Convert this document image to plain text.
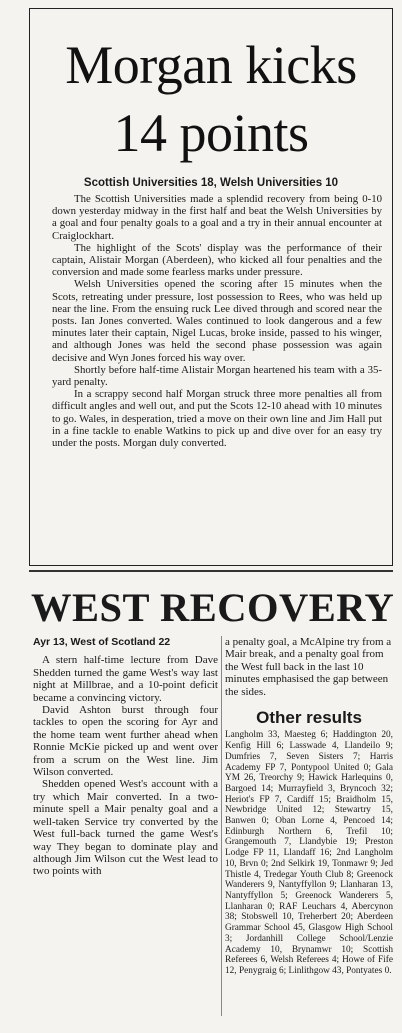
Morgan kicks
14 points
Scottish Universities 18, Welsh Universities 10

The Scottish Universities made a splendid recovery from being 0-10 down yesterday midway in the first half and beat the Welsh Universities by a goal and four penalty goals to a goal and a try in their annual encounter at Craiglockhart.

The highlight of the Scots' display was the performance of their captain, Alistair Morgan (Aberdeen), who kicked all four penalties and the conversion and made some fearless marks under pressure.

Welsh Universities opened the scoring after 15 minutes when the Scots, retreating under pressure, lost possession to Rees, who was held up near the line. From the ensuing ruck Lee dived through and scored near the posts. Ian Jones converted. Wales continued to look dangerous and a few minutes later their captain, Nigel Lucas, broke inside, passed to his winger, and although Jones was held the second phase possession was again decisive and Wyn Jones forced his way over.

Shortly before half-time Alistair Morgan heartened his team with a 35-yard penalty.

In a scrappy second half Morgan struck three more penalties all from difficult angles and well out, and put the Scots 12-10 ahead with 10 minutes to go. Wales, in desperation, tried a move on their own line and Jim Hall put in a fine tackle to enable Watkins to pick up and dive over for an easy try under the posts. Morgan duly converted.

WEST RECOVERY
Ayr 13, West of Scotland 22

A stern half-time lecture from Dave Shedden turned the game West's way last night at Millbrae, and a 10-point deficit became a convincing victory.

David Ashton burst through four tackles to open the scoring for Ayr and the home team went further ahead when Ronnie McKie picked up and went over from a scrum on the West line. Jim Wilson converted.

Shedden opened West's account with a try which Mair converted. In a two-minute spell a Mair penalty goal and a well-taken Service try converted by the West full-back turned the game West's way They began to dominate play and although Jim Wilson cut the West lead to two points with

a penalty goal, a McAlpine try from a Mair break, and a penalty goal from the West full back in the last 10 minutes emphasised the gap between the sides.

Other results

Langholm 33, Maesteg 6; Haddington 20, Kenfig Hill 6; Lasswade 4, Llandeilo 9; Dumfries 7, Seven Sisters 7; Harris Academy FP 7, Pontypool United 0; Gala YM 26, Treorchy 9; Hawick Harlequins 0, Bargoed 14; Murrayfield 3, Bryncoch 32; Heriot's FP 7, Cardiff 15; Braidholm 15, Newbridge United 12; Stewartry 15, Banwen 0; Oban Lorne 4, Pencoed 14; Edinburgh Northern 6, Trefil 10; Grangemouth 7, Llandybie 19; Preston Lodge FP 11, Llandaff 16; 2nd Langholm 10, Brvn 0; 2nd Selkirk 19, Tonmawr 9; Jed Thistle 4, Tredegar Youth Club 8; Greenock Wanderers 9, Nantyffyllon 9; Llanharan 13, Nantyffyllon 5; Greenock Wanderers 5, Llanharan 0; RAF Leuchars 4, Abercynon 38; Stobswell 10, Treherbert 20; Aberdeen Grammar School 45, Glasgow High School 3; Jordanhill College School/Lenzie Academy 10, Brynamwr 10; Scottish Referees 6, Welsh Referees 4; Howe of Fife 12, Penygraig 6; Linlithgow 43, Pontyates 0.
